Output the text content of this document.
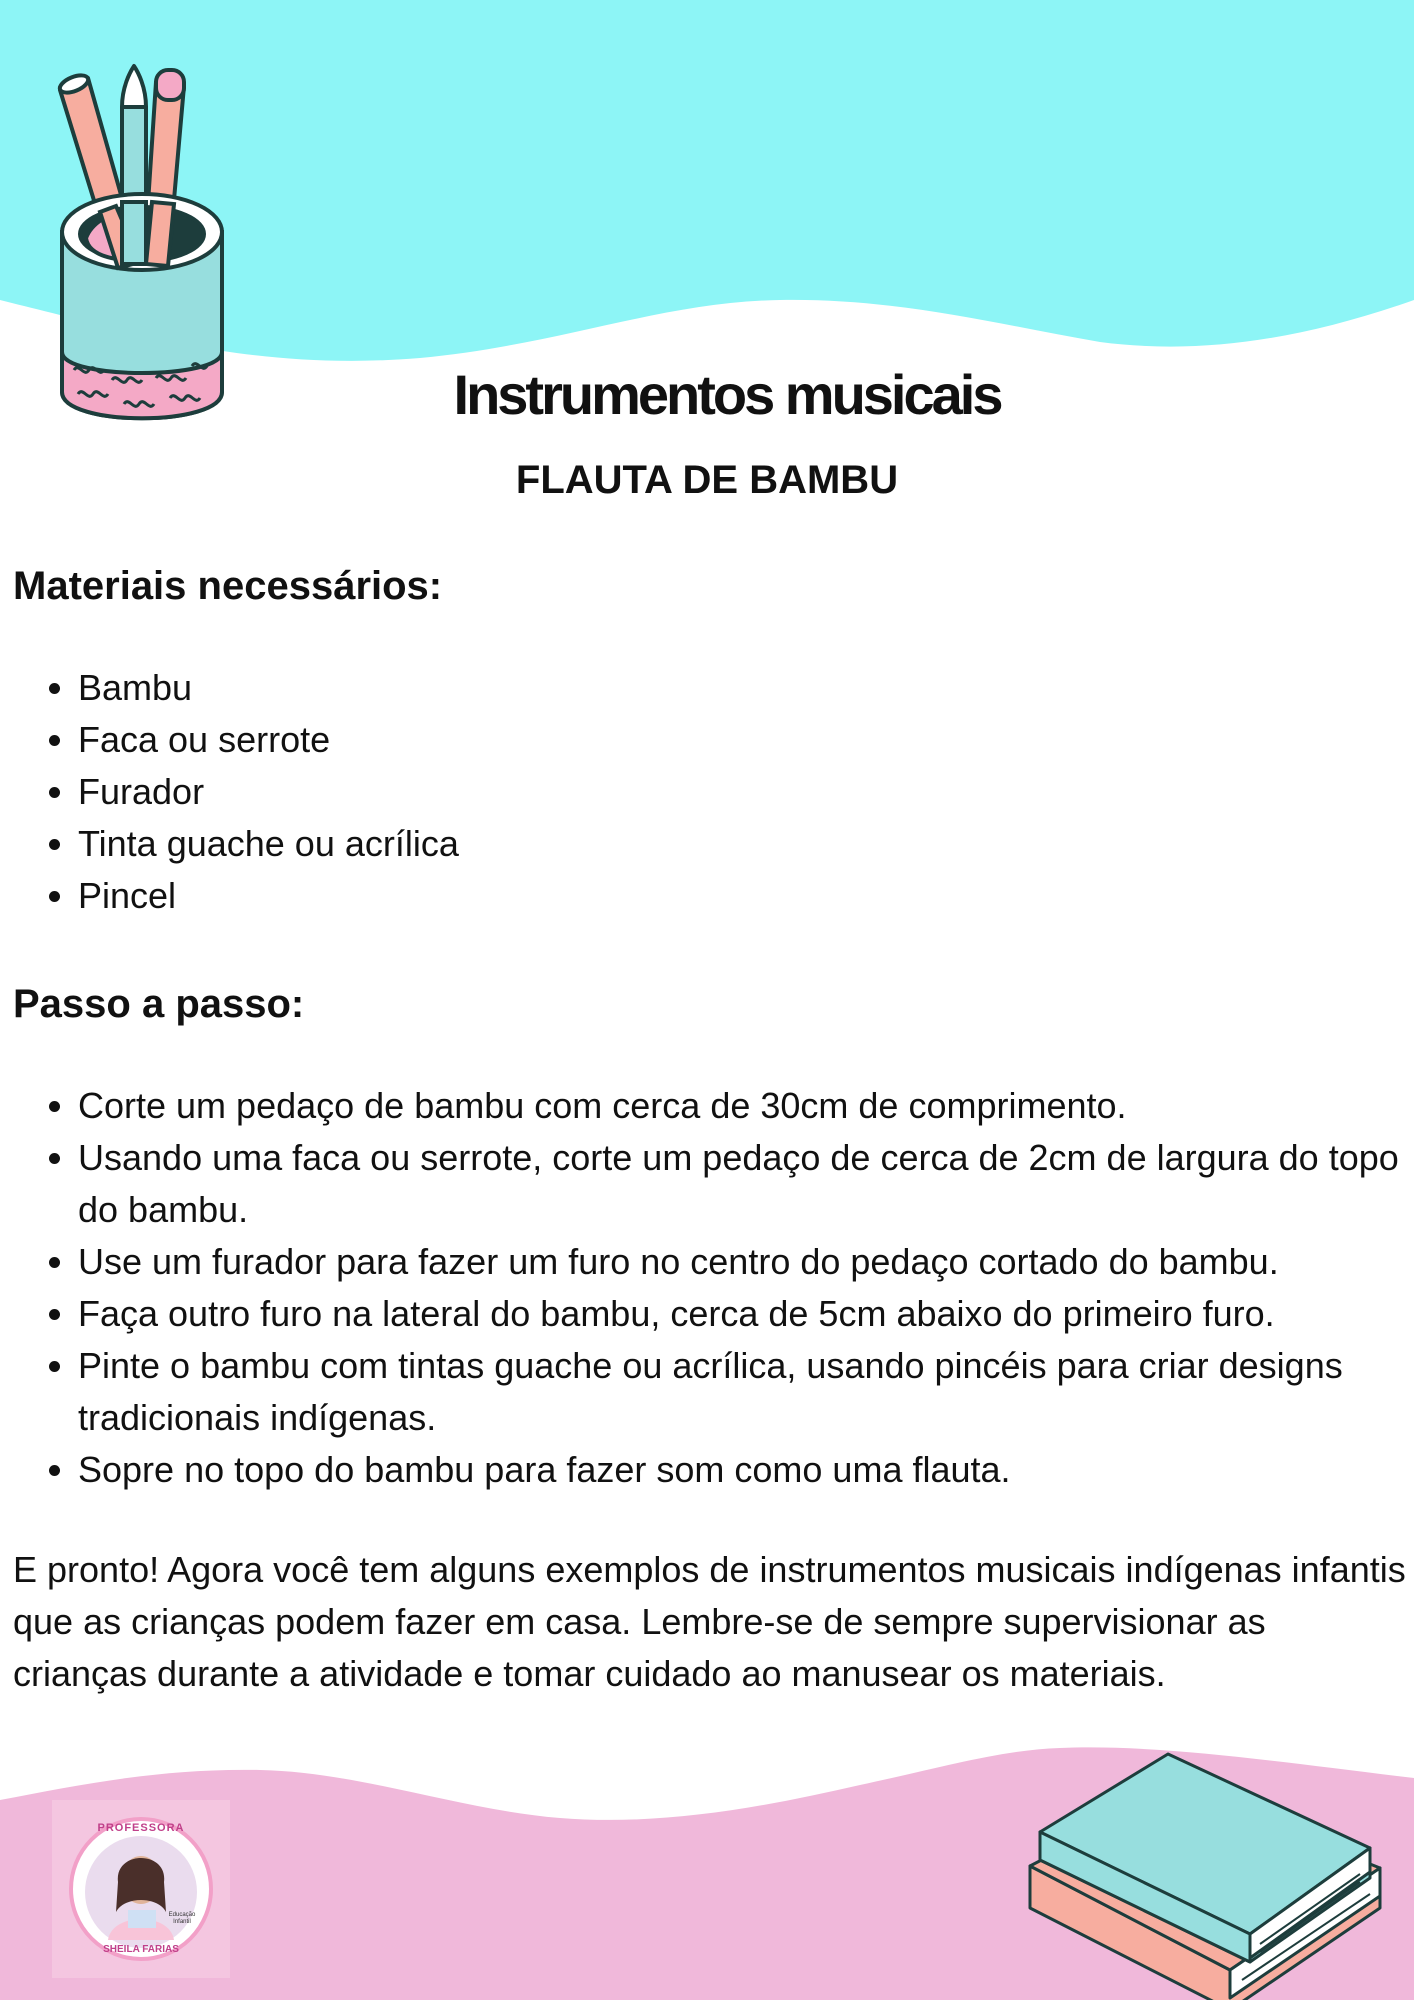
PROFESSORA
Educação Infantil
SHEILA FARIAS
Instrumentos musicais
FLAUTA DE BAMBU
Materiais necessários:
• Bambu
• Faca ou serrote
• Furador
• Tinta guache ou acrílica
• Pincel
Passo a passo:
• Corte um pedaço de bambu com cerca de 30cm de comprimento.
• Usando uma faca ou serrote, corte um pedaço de cerca de 2cm de largura do topo do bambu.
• Use um furador para fazer um furo no centro do pedaço cortado do bambu.
• Faça outro furo na lateral do bambu, cerca de 5cm abaixo do primeiro furo.
• Pinte o bambu com tintas guache ou acrílica, usando pincéis para criar designs tradicionais indígenas.
• Sopre no topo do bambu para fazer som como uma flauta.

E pronto! Agora você tem alguns exemplos de instrumentos musicais indígenas infantis que as crianças podem fazer em casa. Lembre-se de sempre supervisionar as crianças durante a atividade e tomar cuidado ao manusear os materiais.
